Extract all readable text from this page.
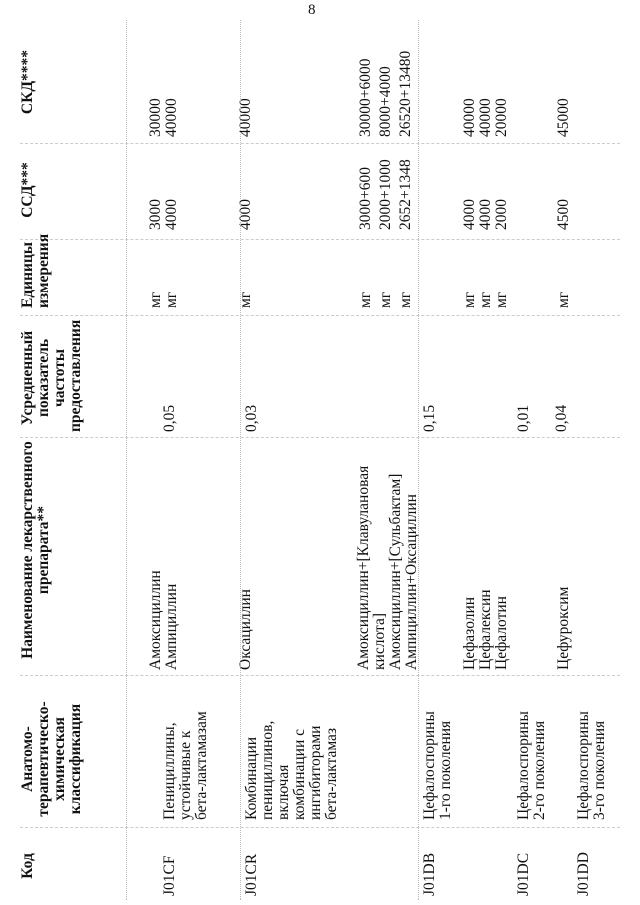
8
Код
Анатомо-терапевтическо-химическая классификация
Наименование лекарственного препарата**
Усредненный показатель частоты предоставления
Единицы измерения
ССД***
СКД****
Амоксициллин
Ампициллин
мг
мг
3000
4000
30000
40000
J01CF
Пенициллины, устойчивые к бета-лактамазам
Оксациллин
0,05
мг
4000
40000
J01CR
Комбинации пенициллинов, включая комбинации с ингибиторами бета-лактамаз
0,03
Амоксициллин+[Клавулановая кислота]
Амоксициллин+[Сульбактам]
Ампициллин+Оксациллин
мг
мг
мг
3000+600
2000+1000
2652+1348
30000+6000
8000+4000
26520+13480
J01DB
Цефалоспорины 1-го поколения
0,15
Цефазолин
Цефалексин
Цефалотин
мг
мг
мг
4000
4000
2000
40000
40000
20000
J01DC
Цефалоспорины 2-го поколения
0,01
Цефуроксим
мг
4500
45000
J01DD
Цефалоспорины 3-го поколения
0,04
